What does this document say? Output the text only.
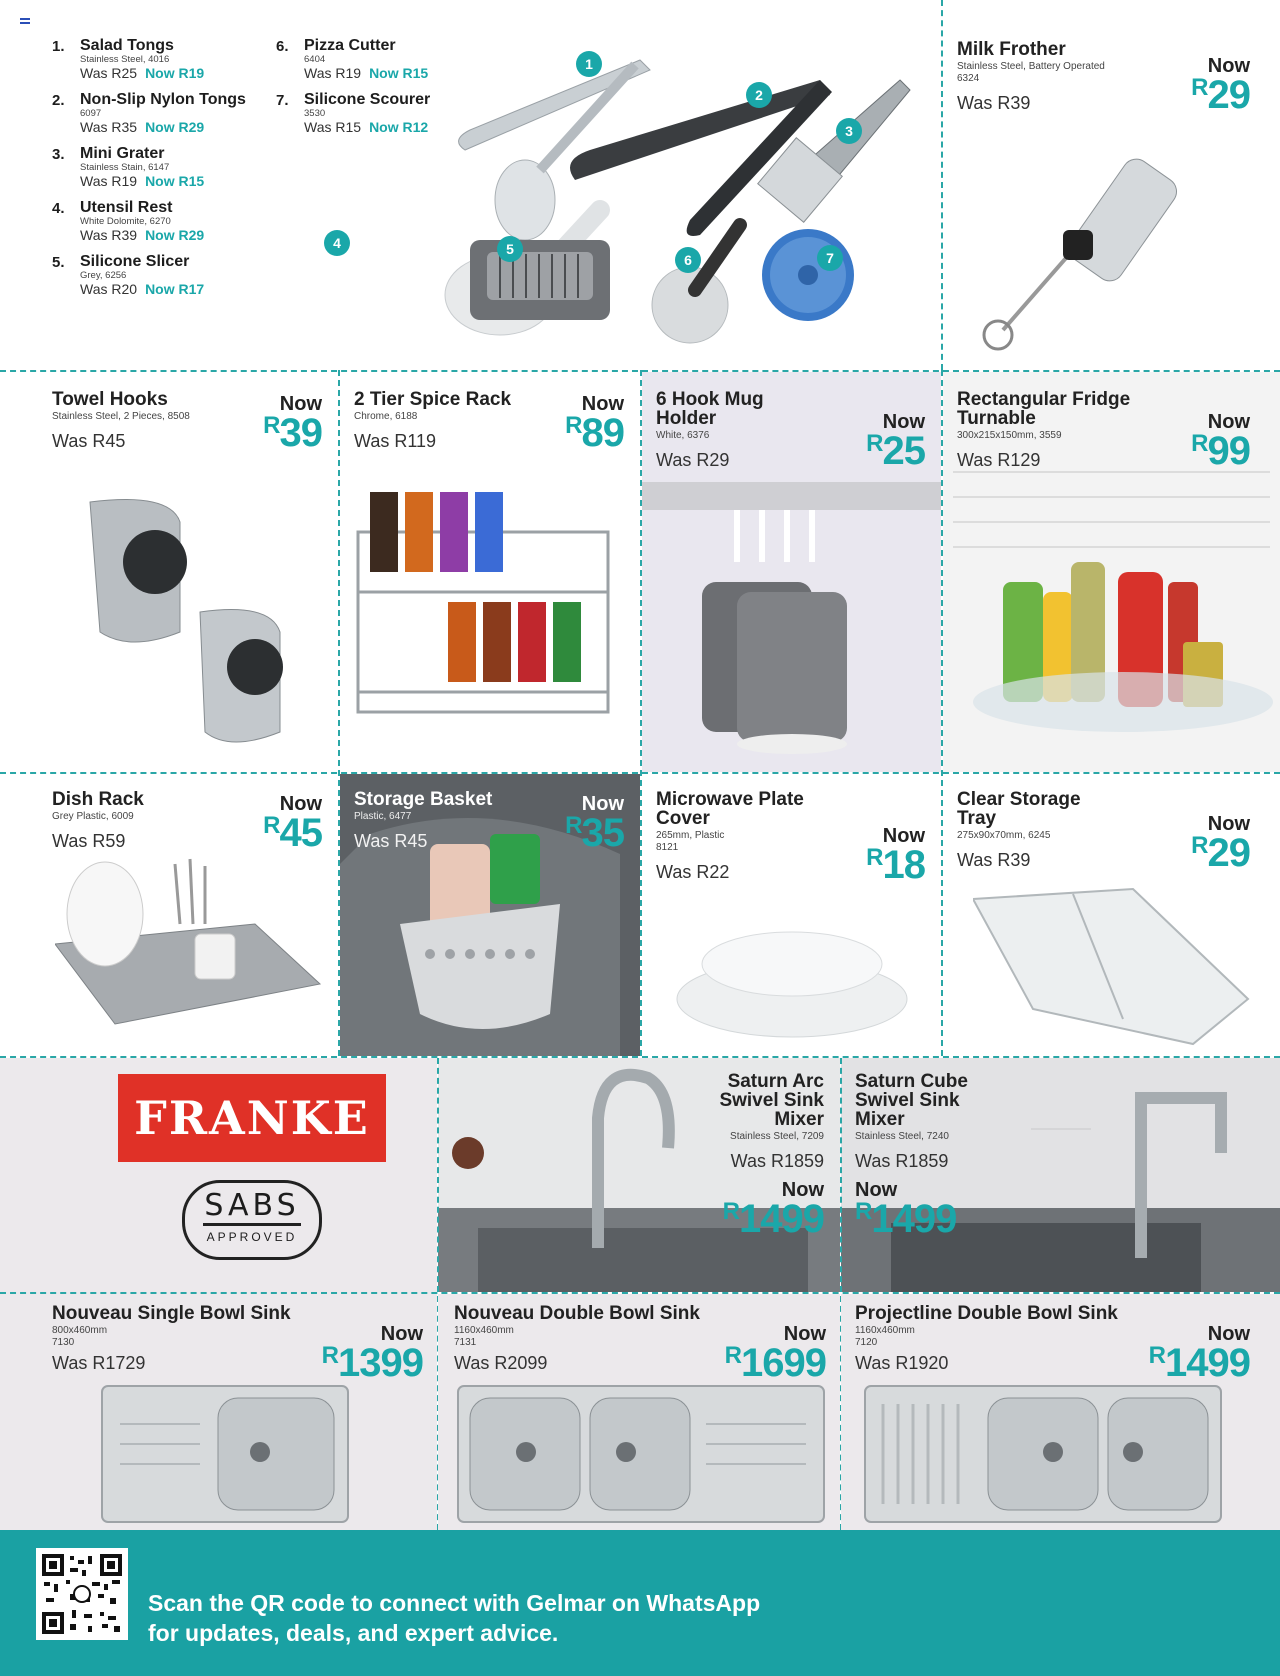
1. Salad Tongs
Stainless Steel, 4016
Was R25 Now R19
2. Non-Slip Nylon Tongs
6097
Was R35 Now R29
3. Mini Grater
Stainless Stain, 6147
Was R19 Now R15
4. Utensil Rest
White Dolomite, 6270
Was R39 Now R29
5. Silicone Slicer
Grey, 6256
Was R20 Now R17
6. Pizza Cutter
6404
Was R19 Now R15
7. Silicone Scourer
3530
Was R15 Now R12
1
2
3
4	5
6	7
Milk Frother
Stainless Steel, Battery Operated
6324
Was R39
Now
$^R$29
Towel Hooks
Stainless Steel, 2 Pieces, 8508
Was R45
Now
$^R$39
2 Tier Spice Rack
Chrome, 6188
Was R119
Now
$^R$89
6 Hook Mug
Holder
White, 6376
Was R29
Now
$^R$25
Rectangular Fridge
Turnable
300x215x150mm, 3559
Was R129
Now
$^R$99
Dish Rack
Grey Plastic, 6009
Was R59
Now
$^R$45
Storage Basket
Plastic, 6477
Was R45
Now
$^R$35
Microwave Plate
Cover
265mm, Plastic
8121
Was R22
Now
$^R$18
Clear Storage
Tray
275x90x70mm, 6245
Was R39
Now
$^R$29
FRANKE
SABS
APPROVED
Saturn Arc
Swivel Sink
Mixer
Stainless Steel, 7209
Was R1859
Now
$^R$1499
Saturn Cube
Swivel Sink
Mixer
Stainless Steel, 7240
Was R1859
Now
$^R$1499
Nouveau Single Bowl Sink
800x460mm
7130
Was R1729
Now
$^R$1399
Nouveau Double Bowl Sink
1160x460mm
7131
Was R2099
Now
$^R$1699
Projectline Double Bowl Sink
1160x460mm
7120
Was R1920
Now
$^R$1499
Scan the QR code to connect with Gelmar on WhatsApp
for updates, deals, and expert advice.
